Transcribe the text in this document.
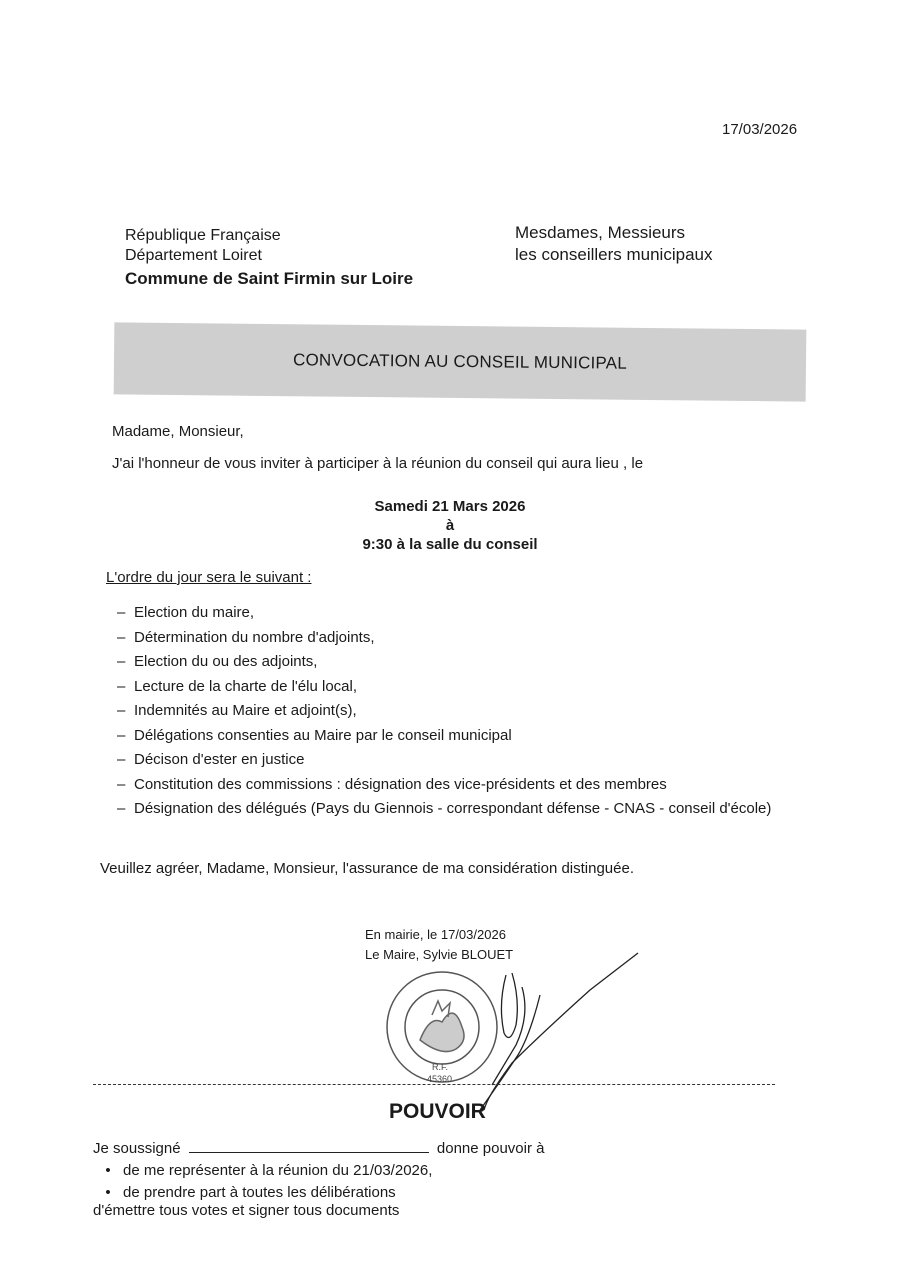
17/03/2026
République Française
Département Loiret
Commune de Saint Firmin sur Loire
Mesdames, Messieurs
les conseillers municipaux
CONVOCATION AU CONSEIL MUNICIPAL
Madame, Monsieur,
J'ai l'honneur de vous inviter à participer à la réunion du conseil qui aura lieu , le
Samedi 21 Mars 2026
à
9:30 à la salle du conseil
L'ordre du jour sera le suivant :
– Election du maire,
– Détermination du nombre d'adjoints,
– Election du ou des adjoints,
– Lecture de la charte de l'élu local,
– Indemnités au Maire et adjoint(s),
– Délégations consenties au Maire par le conseil municipal
– Décison d'ester en justice
– Constitution des commissions : désignation des vice-présidents et des membres
– Désignation des délégués (Pays du Giennois - correspondant défense - CNAS - conseil d'école)
Veuillez agréer, Madame, Monsieur, l'assurance de ma considération distinguée.
En mairie, le 17/03/2026
Le Maire, Sylvie BLOUET
R.F.
45360
POUVOIR
Je soussigné	donne pouvoir à
• de me représenter à la réunion du 21/03/2026,
• de prendre part à toutes les délibérations
d'émettre tous votes et signer tous documents
